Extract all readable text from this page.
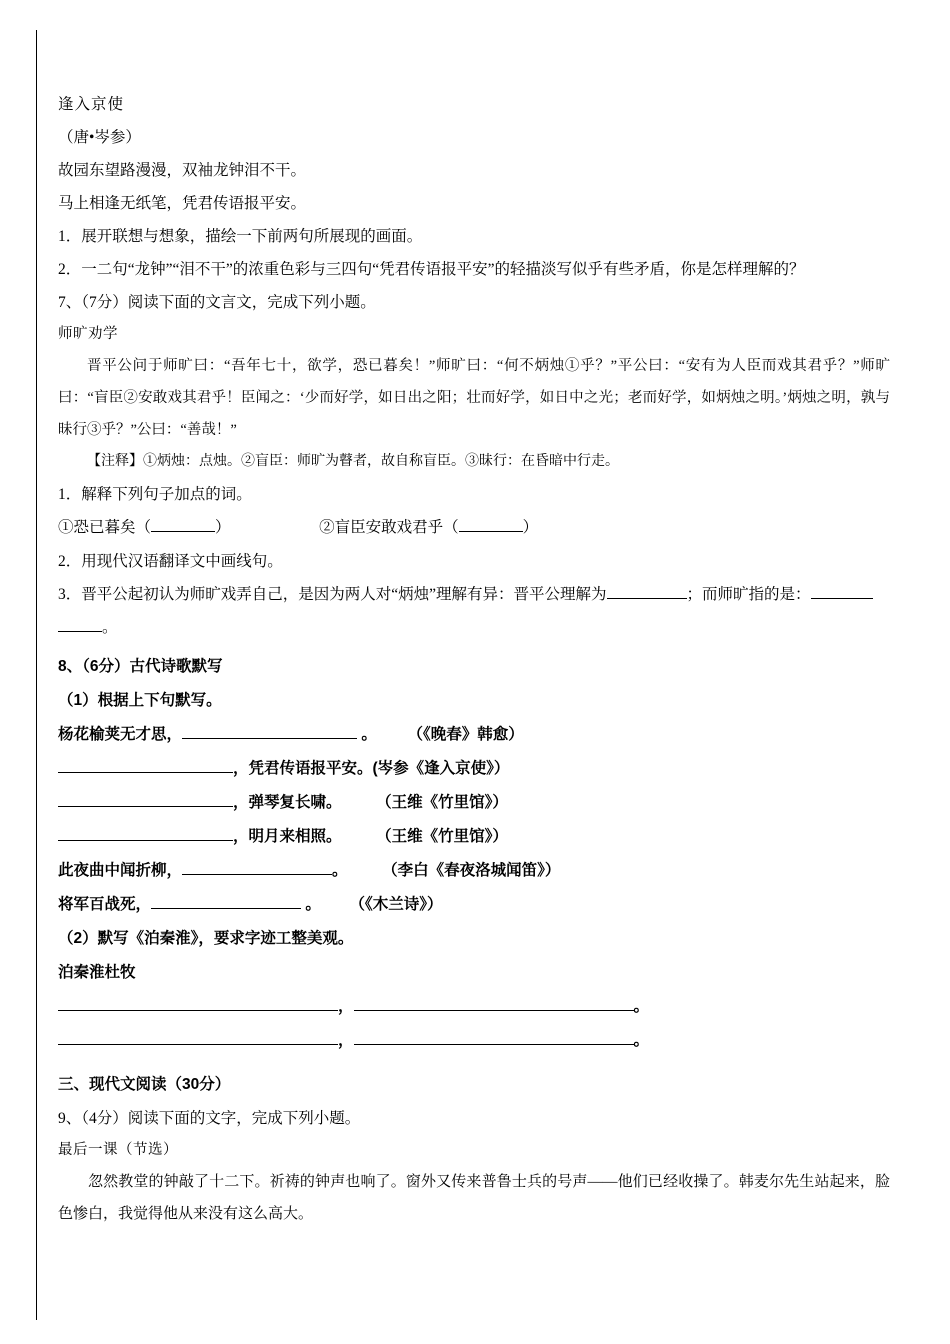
逢入京使
（唐•岑参）
故园东望路漫漫，双袖龙钟泪不干。
马上相逢无纸笔，凭君传语报平安。
1．展开联想与想象，描绘一下前两句所展现的画面。
2．一二句“龙钟”“泪不干”的浓重色彩与三四句“凭君传语报平安”的轻描淡写似乎有些矛盾，你是怎样理解的？
7、（7分）阅读下面的文言文，完成下列小题。
师旷劝学
晋平公问于师旷曰：“吾年七十，欲学，恐已暮矣！”师旷曰：“何不炳烛①乎？”平公曰：“安有为人臣而戏其君乎？”师旷曰：“盲臣②安敢戏其君乎！臣闻之：‘少而好学，如日出之阳；壮而好学，如日中之光；老而好学，如炳烛之明。’炳烛之明，孰与昧行③乎？”公曰：“善哉！”
【注释】①炳烛：点烛。②盲臣：师旷为瞽者，故自称盲臣。③昧行：在昏暗中行走。
1．解释下列句子加点的词。
①恐已暮矣（	）	②盲臣安敢戏君乎（	）
2．用现代汉语翻译文中画线句。
3．晋平公起初认为师旷戏弄自己，是因为两人对“炳烛”理解有异：晋平公理解为	；而师旷指的是：
。
8、（6分）古代诗歌默写
（1）根据上下句默写。
杨花榆荚无才思，	。 （《晚春》韩愈）
，凭君传语报平安。(岑参《逢入京使》）
，弹琴复长啸。 （王维《竹里馆》）
，明月来相照。 （王维《竹里馆》）
此夜曲中闻折柳，	。 （李白《春夜洛城闻笛》）
将军百战死，	。 （《木兰诗》）
（2）默写《泊秦淮》，要求字迹工整美观。
泊秦淮杜牧
，	。
，	。
三、现代文阅读（30分）
9、（4分）阅读下面的文字，完成下列小题。
最后一课（节选）
忽然教堂的钟敲了十二下。祈祷的钟声也响了。窗外又传来普鲁士兵的号声——他们已经收操了。韩麦尔先生站起来，脸色惨白，我觉得他从来没有这么高大。
